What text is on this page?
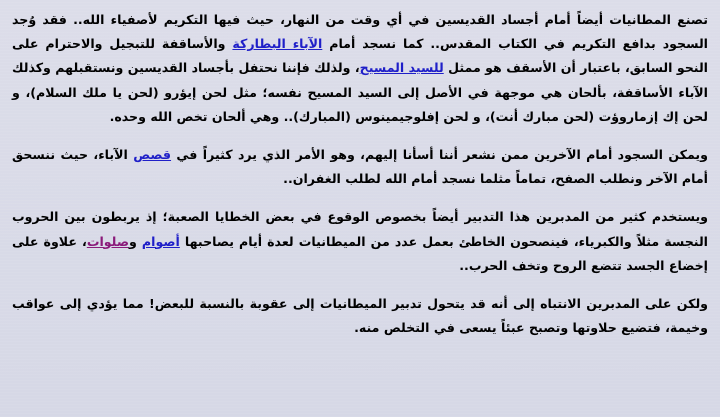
تصنع المطانيات أيضاً أمام أجساد القديسين في أي وقت من النهار، حيث فيها التكريم لأصفياء الله.. فقد وُجد السجود بدافع التكريم في الكتاب المقدس.. كما نسجد أمام الآباء البطاركة والأساقفة للتبجيل والاحترام على النحو السابق، باعتبار أن الأسقف هو ممثل للسيد المسيح، ولذلك فإننا نحتفل بأجساد القديسين ونستقبلهم وكذلك الآباء الأساقفة، بألحان هي موجهة في الأصل إلى السيد المسيح نفسه؛ مثل لحن إيؤرو (لحن يا ملك السلام)، و لحن إك إزماروؤت (لحن مبارك أنت)، و لحن إفلوجيمينوس (المبارك).. وهي ألحان تخص الله وحده.

ويمكن السجود أمام الآخرين ممن نشعر أننا أسأنا إليهم، وهو الأمر الذي يرد كثيراً في قصص الآباء، حيث ننسحق أمام الآخر ونطلب الصفح، تماماً مثلما نسجد أمام الله لطلب الغفران..

ويستخدم كثير من المدبرين هذا التدبير أيضاً بخصوص الوقوع في بعض الخطايا الصعبة؛ إذ يربطون بين الحروب النجسة مثلاً والكبرياء، فينصحون الخاطئ بعمل عدد من الميطانيات لعدة أيام يصاحبها أصوام وصلوات، علاوة على إخضاع الجسد تتضع الروح وتخف الحرب..

ولكن على المدبرين الانتباه إلى أنه قد يتحول تدبير الميطانيات إلى عقوبة بالنسبة للبعض! مما يؤدي إلى عواقب وخيمة، فتضيع حلاوتها وتصبح عبئاً يسعى في التخلص منه.
